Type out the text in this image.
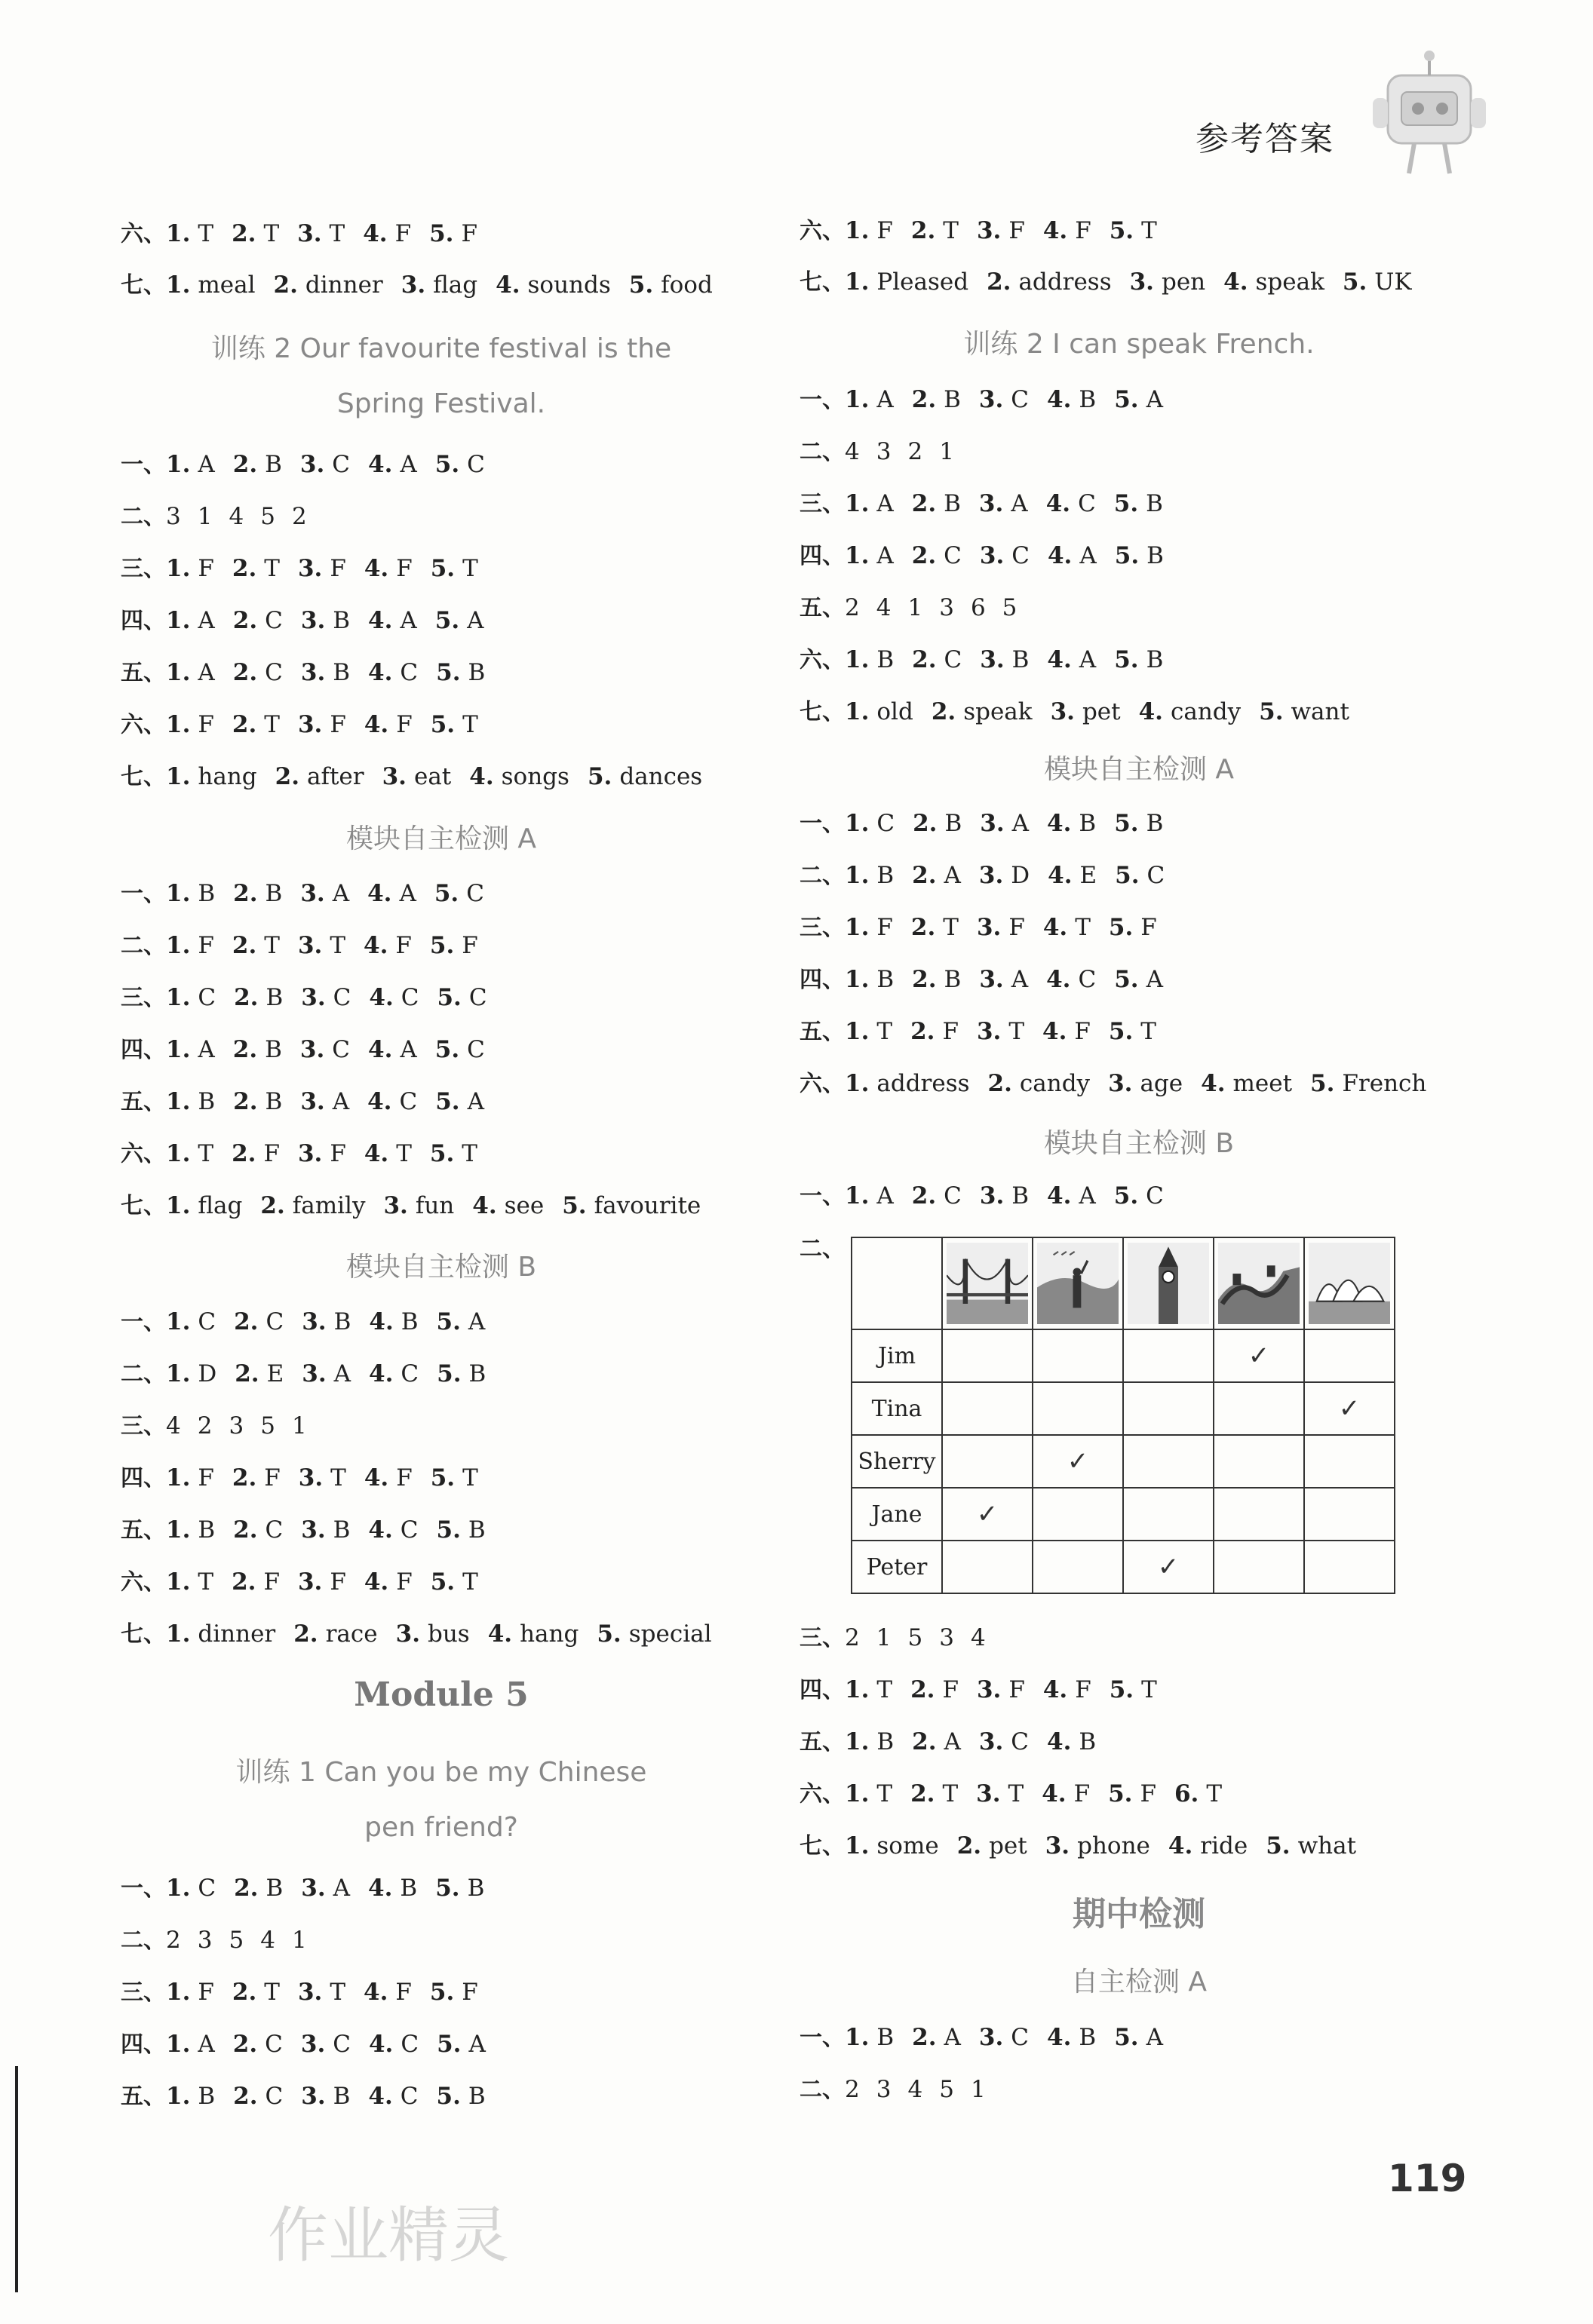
参考答案
六、1. T 2. T 3. T 4. F 5. F
七、1. meal 2. dinner 3. flag 4. sounds 5. food
训练 2 Our favourite festival is the
Spring Festival.
一、1. A 2. B 3. C 4. A 5. C
二、3 1 4 5 2
三、1. F 2. T 3. F 4. F 5. T
四、1. A 2. C 3. B 4. A 5. A
五、1. A 2. C 3. B 4. C 5. B
六、1. F 2. T 3. F 4. F 5. T
七、1. hang 2. after 3. eat 4. songs 5. dances
模块自主检测 A
一、1. B 2. B 3. A 4. A 5. C
二、1. F 2. T 3. T 4. F 5. F
三、1. C 2. B 3. C 4. C 5. C
四、1. A 2. B 3. C 4. A 5. C
五、1. B 2. B 3. A 4. C 5. A
六、1. T 2. F 3. F 4. T 5. T
七、1. flag 2. family 3. fun 4. see 5. favourite
模块自主检测 B
一、1. C 2. C 3. B 4. B 5. A
二、1. D 2. E 3. A 4. C 5. B
三、4 2 3 5 1
四、1. F 2. F 3. T 4. F 5. T
五、1. B 2. C 3. B 4. C 5. B
六、1. T 2. F 3. F 4. F 5. T
七、1. dinner 2. race 3. bus 4. hang 5. special
Module 5
训练 1 Can you be my Chinese
pen friend?
一、1. C 2. B 3. A 4. B 5. B
二、2 3 5 4 1
三、1. F 2. T 3. T 4. F 5. F
四、1. A 2. C 3. C 4. C 5. A
五、1. B 2. C 3. B 4. C 5. B
六、1. F 2. T 3. F 4. F 5. T
七、1. Pleased 2. address 3. pen 4. speak 5. UK
训练 2 I can speak French.
一、1. A 2. B 3. C 4. B 5. A
二、4 3 2 1
三、1. A 2. B 3. A 4. C 5. B
四、1. A 2. C 3. C 4. A 5. B
五、2 4 1 3 6 5
六、1. B 2. C 3. B 4. A 5. B
七、1. old 2. speak 3. pet 4. candy 5. want
模块自主检测 A
一、1. C 2. B 3. A 4. B 5. B
二、1. B 2. A 3. D 4. E 5. C
三、1. F 2. T 3. F 4. T 5. F
四、1. B 2. B 3. A 4. C 5. A
五、1. T 2. F 3. T 4. F 5. T
六、1. address 2. candy 3. age 4. meet 5. French
模块自主检测 B
一、1. A 2. C 3. B 4. A 5. C
二、

Jim				✓	
Tina					✓
Sherry		✓			
Jane	✓				
Peter			✓		
三、2 1 5 3 4
四、1. T 2. F 3. F 4. F 5. T
五、1. B 2. A 3. C 4. B
六、1. T 2. T 3. T 4. F 5. F 6. T
七、1. some 2. pet 3. phone 4. ride 5. what
期中检测
自主检测 A
一、1. B 2. A 3. C 4. B 5. A
二、2 3 4 5 1
119
作业精灵
